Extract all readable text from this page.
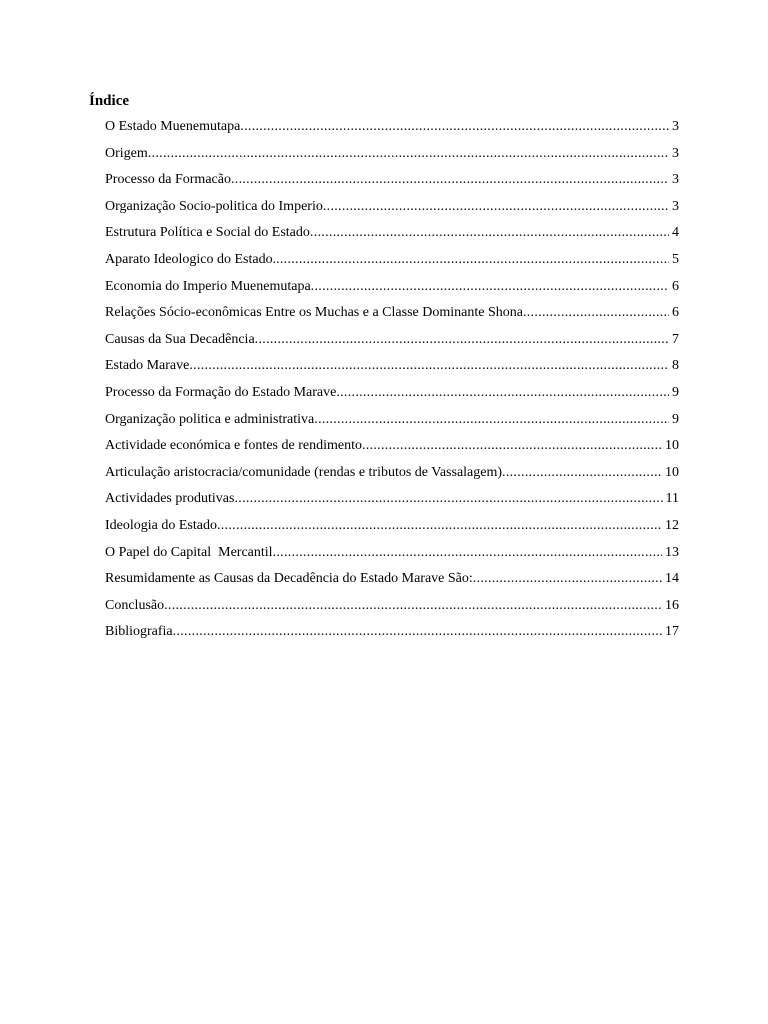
Índice
O Estado Muenemutapa .....	3
Origem .....	3
Processo da Formacão .....	3
Organização Socio-politica do Imperio .....	3
Estrutura Política e Social do Estado .....	4
Aparato Ideologico do Estado. .....	5
Economia do Imperio Muenemutapa .....	6
Relações Sócio-econômicas Entre os Muchas e a Classe Dominante Shona .....	6
Causas da Sua Decadência .....	7
Estado Marave .....	8
Processo da Formação do Estado Marave .....	9
Organização politica e administrativa .....	9
Actividade económica e fontes de rendimento .....	10
Articulação aristocracia/comunidade (rendas e tributos de Vassalagem) .....	10
Actividades produtivas .....	11
Ideologia do Estado .....	12
O Papel do Capital  Mercantil .....	13
Resumidamente as Causas da Decadência do Estado Marave São: .....	14
Conclusão .....	16
Bibliografia .....	17
